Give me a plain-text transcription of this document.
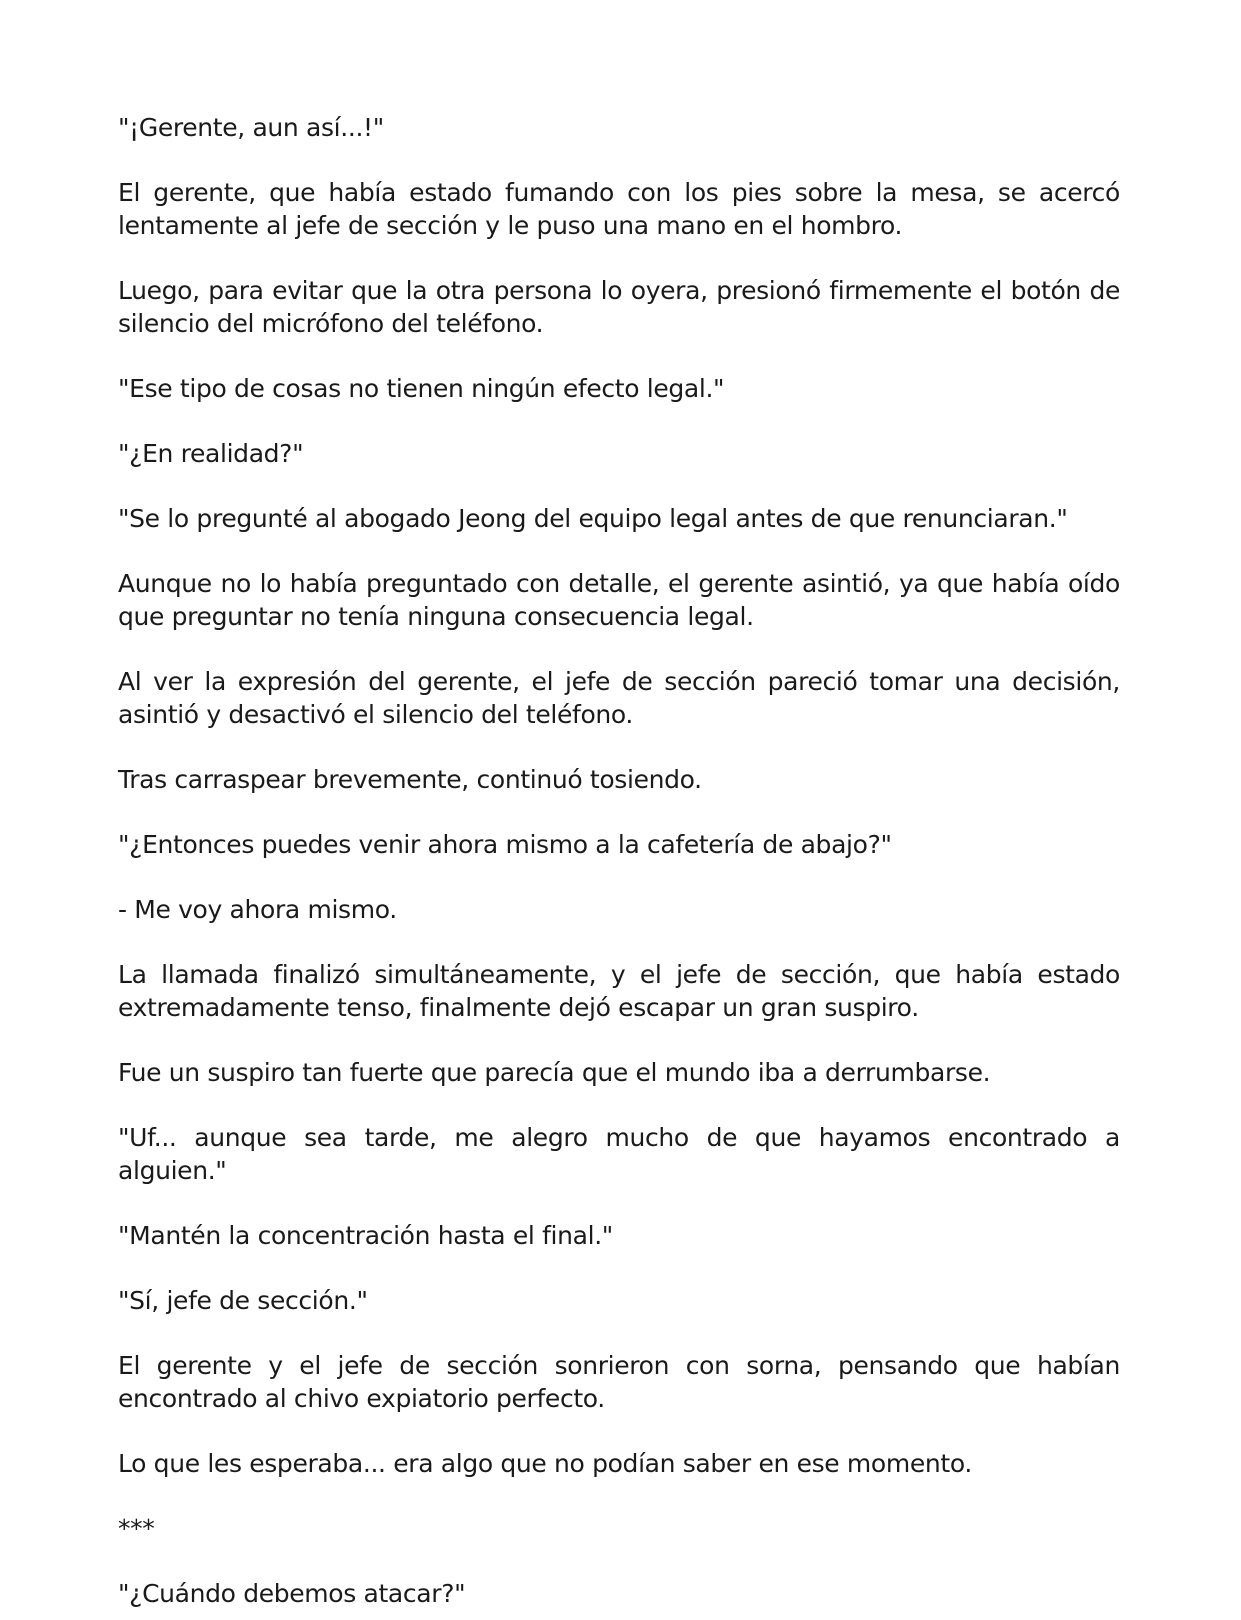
"¡Gerente, aun así...!"

El gerente, que había estado fumando con los pies sobre la mesa, se acercó lentamente al jefe de sección y le puso una mano en el hombro.

Luego, para evitar que la otra persona lo oyera, presionó firmemente el botón de silencio del micrófono del teléfono.

"Ese tipo de cosas no tienen ningún efecto legal."

"¿En realidad?"

"Se lo pregunté al abogado Jeong del equipo legal antes de que renunciaran."

Aunque no lo había preguntado con detalle, el gerente asintió, ya que había oído que preguntar no tenía ninguna consecuencia legal.

Al ver la expresión del gerente, el jefe de sección pareció tomar una decisión, asintió y desactivó el silencio del teléfono.

Tras carraspear brevemente, continuó tosiendo.

"¿Entonces puedes venir ahora mismo a la cafetería de abajo?"

- Me voy ahora mismo.

La llamada finalizó simultáneamente, y el jefe de sección, que había estado extremadamente tenso, finalmente dejó escapar un gran suspiro.

Fue un suspiro tan fuerte que parecía que el mundo iba a derrumbarse.

"Uf... aunque sea tarde, me alegro mucho de que hayamos encontrado a alguien."

"Mantén la concentración hasta el final."

"Sí, jefe de sección."

El gerente y el jefe de sección sonrieron con sorna, pensando que habían encontrado al chivo expiatorio perfecto.

Lo que les esperaba... era algo que no podían saber en ese momento.

***

"¿Cuándo debemos atacar?"
